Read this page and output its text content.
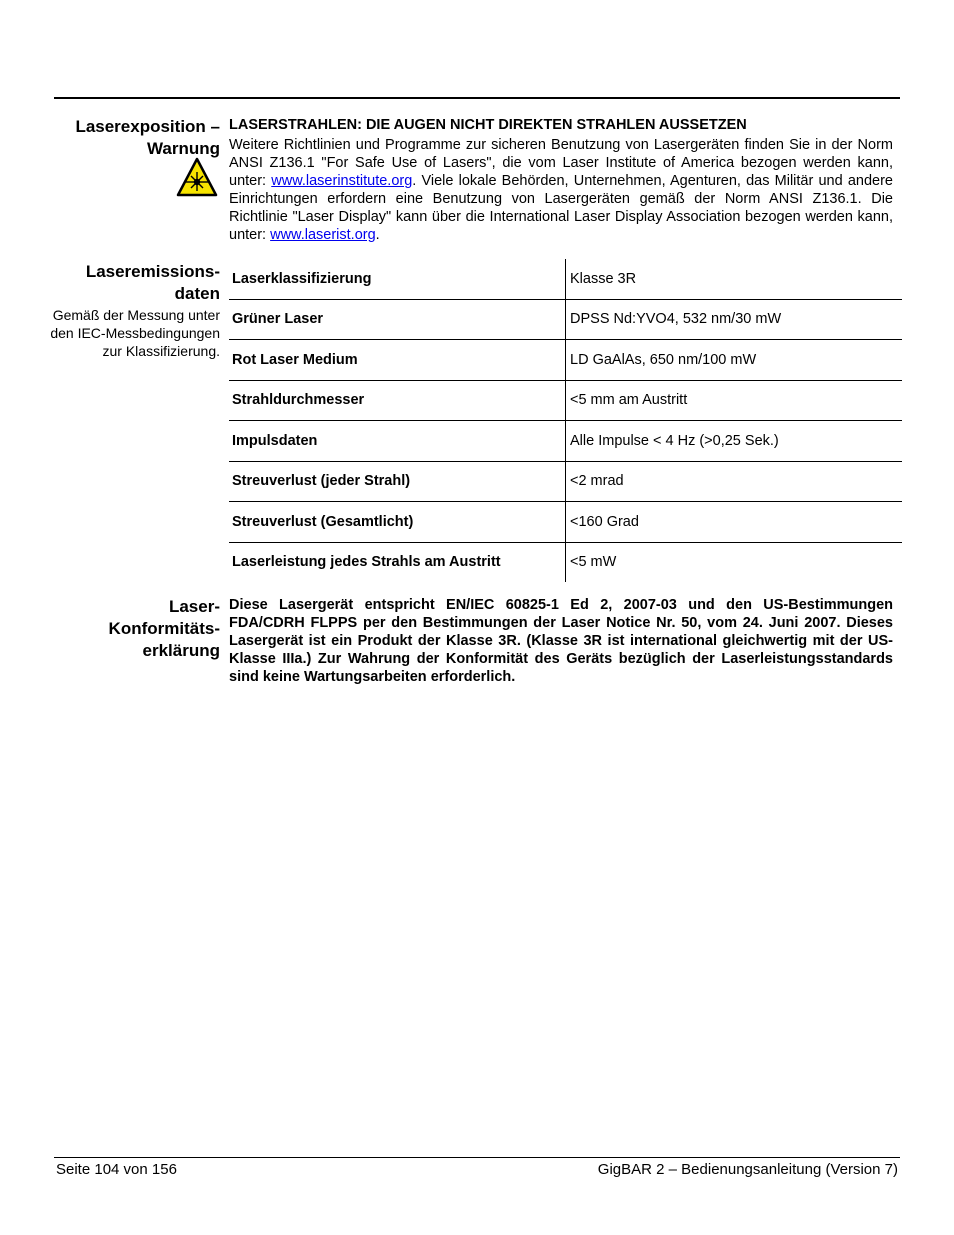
Laserexposition –
Warnung
LASERSTRAHLEN: DIE AUGEN NICHT DIREKTEN STRAHLEN AUSSETZEN
Weitere Richtlinien und Programme zur sicheren Benutzung von Lasergeräten finden Sie in der Norm ANSI Z136.1 "For Safe Use of Lasers", die vom Laser Institute of America bezogen werden kann, unter: www.laserinstitute.org. Viele lokale Behörden, Unternehmen, Agenturen, das Militär und andere Einrichtungen erfordern eine Benutzung von Lasergeräten gemäß der Norm ANSI Z136.1. Die Richtlinie "Laser Display" kann über die International Laser Display Association bezogen werden kann, unter: www.laserist.org.
Laseremissions-
daten
Gemäß der Messung unter den IEC-Messbedingungen zur Klassifizierung.
Laserklassifizierung	Klasse 3R
Grüner Laser	DPSS Nd:YVO4, 532 nm/30 mW
Rot Laser Medium	LD GaAlAs, 650 nm/100 mW
Strahldurchmesser	<5 mm am Austritt
Impulsdaten	Alle Impulse < 4 Hz (>0,25 Sek.)
Streuverlust (jeder Strahl)	<2 mrad
Streuverlust (Gesamtlicht)	<160 Grad
Laserleistung jedes Strahls am Austritt	<5 mW
Laser-
Konformitäts-
erklärung
Diese Lasergerät entspricht EN/IEC 60825-1 Ed 2, 2007-03 und den US-Bestimmungen FDA/CDRH FLPPS per den Bestimmungen der Laser Notice Nr. 50, vom 24. Juni 2007. Dieses Lasergerät ist ein Produkt der Klasse 3R. (Klasse 3R ist international gleichwertig mit der US-Klasse IIIa.) Zur Wahrung der Konformität des Geräts bezüglich der Laserleistungsstandards sind keine Wartungsarbeiten erforderlich.
Seite 104 von 156	GigBAR 2 – Bedienungsanleitung (Version 7)
